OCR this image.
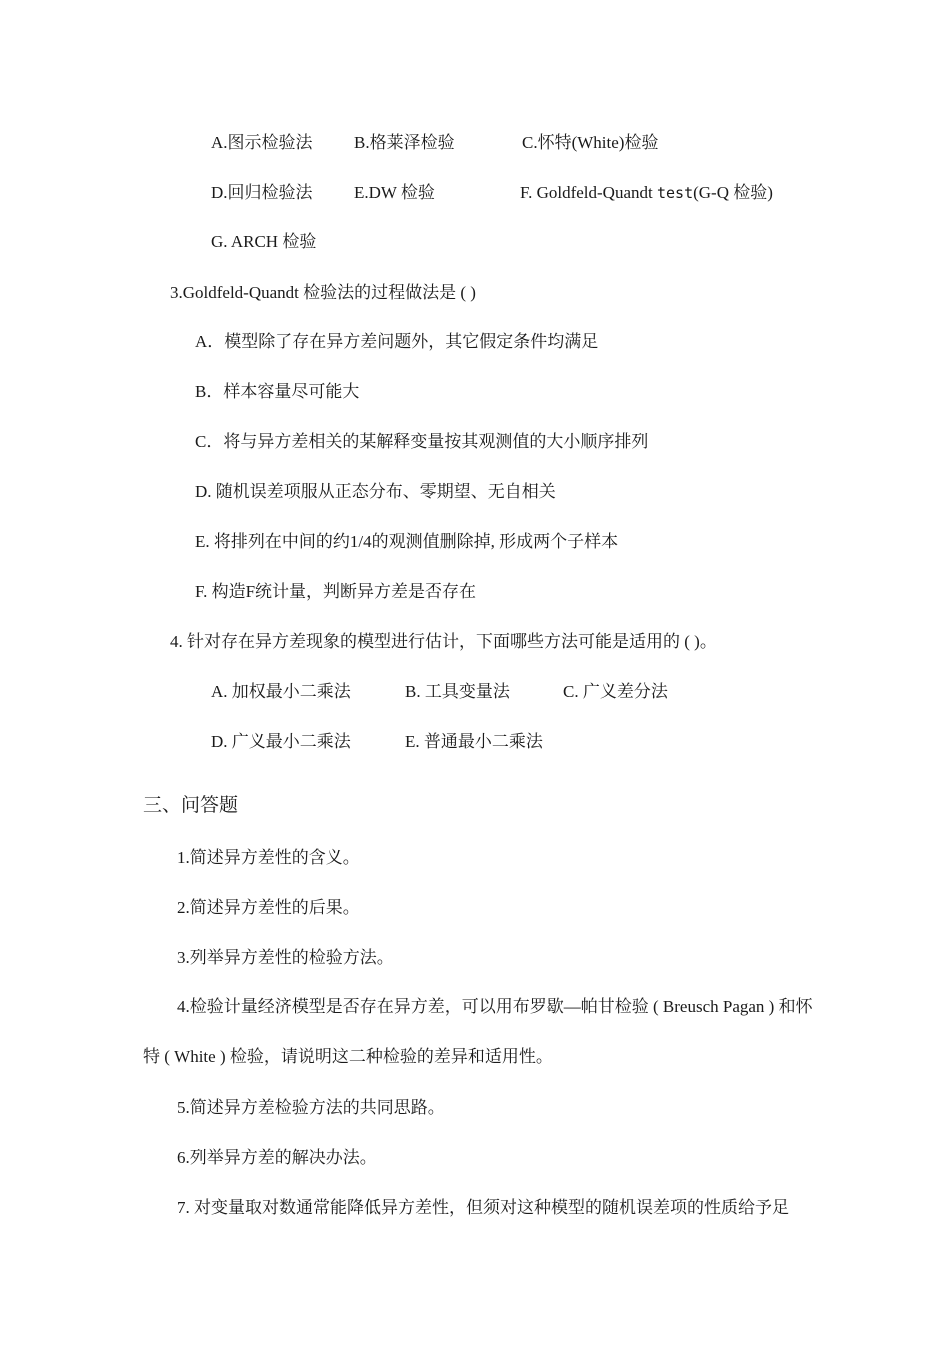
A.图示检验法 B.格莱泽检验	C.怀特(White)检验
D.回归检验法 E.DW 检验	F. Goldfeld-Quandt test(G-Q 检验)
G. ARCH 检验
3.Goldfeld-Quandt 检验法的过程做法是 ( )
A．模型除了存在异方差问题外，其它假定条件均满足
B．样本容量尽可能大
C．将与异方差相关的某解释变量按其观测值的大小顺序排列
D. 随机误差项服从正态分布、零期望、无自相关
E. 将排列在中间的约1/4的观测值删除掉, 形成两个子样本
F. 构造F统计量，判断异方差是否存在
4. 针对存在异方差现象的模型进行估计，下面哪些方法可能是适用的 ( )。
A. 加权最小二乘法	B. 工具变量法	C. 广义差分法
D. 广义最小二乘法	E. 普通最小二乘法
三、问答题
1.简述异方差性的含义。
2.简述异方差性的后果。
3.列举异方差性的检验方法。
4.检验计量经济模型是否存在异方差，可以用布罗歇—帕甘检验 ( Breusch Pagan ) 和怀
特 ( White ) 检验，请说明这二种检验的差异和适用性。
5.简述异方差检验方法的共同思路。
6.列举异方差的解决办法。
7. 对变量取对数通常能降低异方差性，但须对这种模型的随机误差项的性质给予足
